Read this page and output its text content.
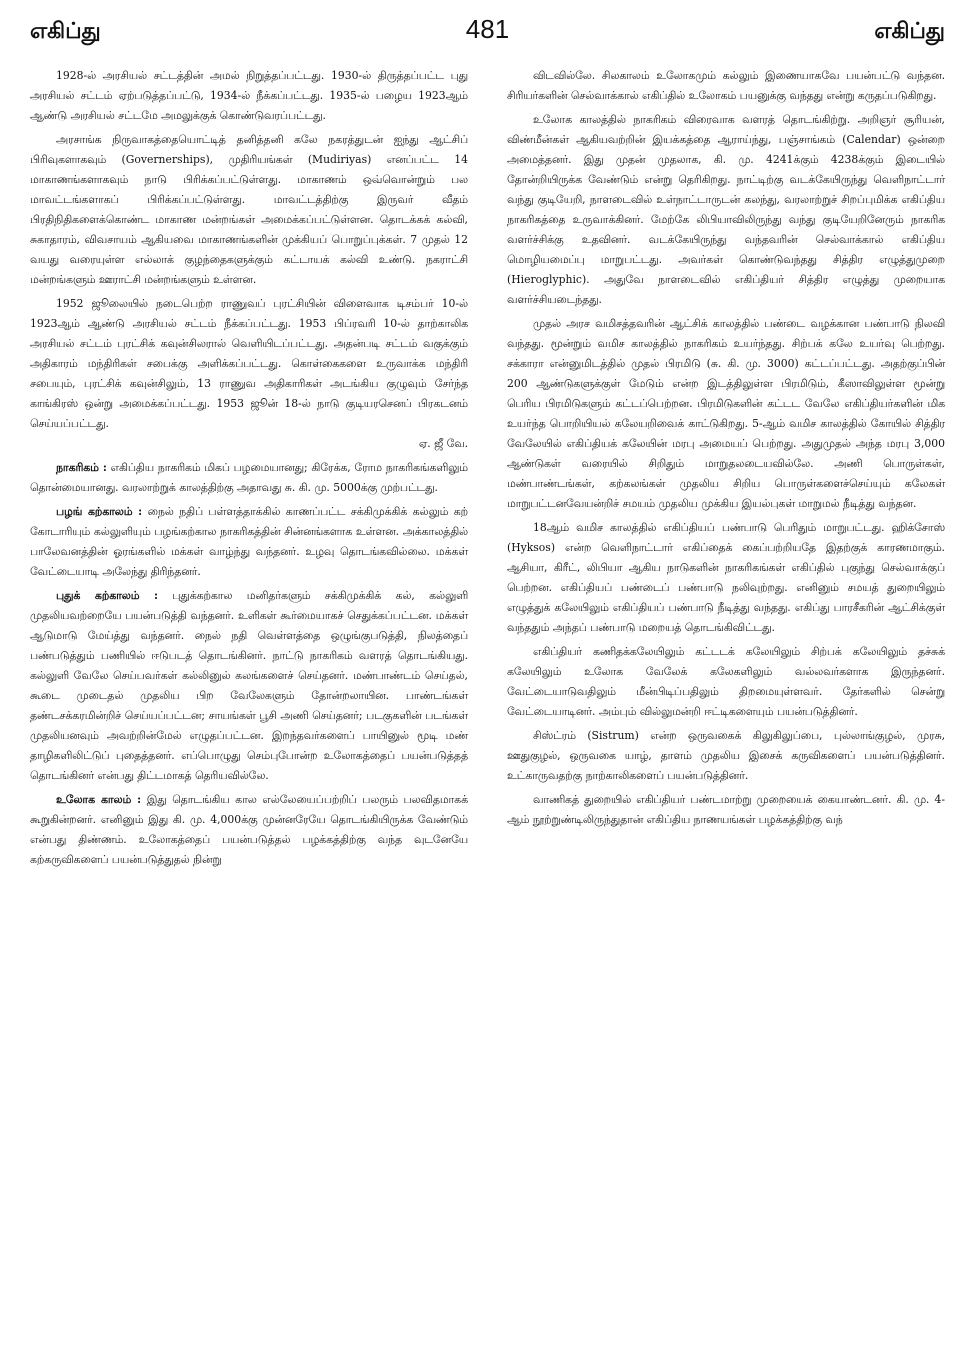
எகிப்து	481	எகிப்து

1928-ல் அரசியல் சட்டத்தின் அமல் நிறுத்தப்பட்டது. 1930-ல் திருத்தப்பட்ட புது அரசியல் சட்டம் ஏற்படுத்தப்பட்டு, 1934-ல் நீக்கப்பட்டது. 1935-ல் பழைய 1923ஆம் ஆண்டு அரசியல் சட்டமே அமலுக்குக் கொண்டுவரப்பட்டது.

அரசாங்க நிருவாகத்தையொட்டித் தனித்தனி கலே நகரத்துடன் ஐந்து ஆட்சிப் பிரிவுகளாகவும் (Governerships), முதிரியங்கள் (Mudiriyas) எனப்பட்ட 14 மாகாணங்களாகவும் நாடு பிரிக்கப்பட்டுள்ளது. மாகாணம் ஒவ்வொன்றும் பல மாவட்டங்களாகப் பிரிக்கப்பட்டுள்ளது. மாவட்டத்திற்கு இருவர் வீதம் பிரதிநிதிகளைக்கொண்ட மாகாண மன்றங்கள் அமைக்கப்பட்டுள்ளன. தொடக்கக் கல்வி, சுகாதாரம், விவசாயம் ஆகியவை மாகாணங்களின் முக்கியப் பொறுப்புக்கள். 7 முதல் 12 வயது வரையுள்ள எல்லாக் குழந்தைகளுக்கும் கட்டாயக் கல்வி உண்டு. நகராட்சி மன்றங்களும் ஊராட்சி மன்றங்களும் உள்ளன.

1952 ஜூலையில் நடைபெற்ற ராணுவப் புரட்சியின் விளைவாக டிசம்பர் 10-ல் 1923ஆம் ஆண்டு அரசியல் சட்டம் நீக்கப்பட்டது. 1953 பிப்ரவரி 10-ல் தாற்காலிக அரசியல் சட்டம் புரட்சிக் கவுன்சிலரால் வெளியிடப்பட்டது. அதன்படி சட்டம் வகுக்கும் அதிகாரம் மந்திரிகள் சபைக்கு அளிக்கப்பட்டது. கொள்கைகளை உருவாக்க மந்திரி சபையும், புரட்சிக் கவுன்சிலும், 13 ராணுவ அதிகாரிகள் அடங்கிய குழுவும் சேர்ந்த காங்கிரஸ் ஒன்று அமைக்கப்பட்டது. 1953 ஜூன் 18-ல் நாடு குடியரசெனப் பிரகடனம் செய்யப்பட்டது.

ஏ. ஜீ வே.

நாகரிகம் : எகிப்திய நாகரிகம் மிகப் பழமையானது; கிரேக்க, ரோம நாகரிகங்களிலும் தொன்மையானது. வரலாற்றுக் காலத்திற்கு அதாவது சு. கி. மு. 5000க்கு முற்பட்டது.

பழங் கற்காலம் : நைல் நதிப் பள்ளத்தாக்கில் காணப்பட்ட சக்கிமுக்கிக் கல்லும் கற் கோடாரியும் கல்லுளியும் பழங்கற்கால நாகரிகத்தின் சின்னங்களாக உள்ளன. அக்காலத்தில் பாலேவனத்தின் ஓரங்களில் மக்கள் வாழ்ந்து வந்தனர். உழவு தொடங்கவில்லை. மக்கள் வேட்டையாடி அலேந்து திரிந்தனர்.

புதுக் கற்காலம் : புதுக்கற்கால மனிதர்களும் சக்கிமுக்கிக் கல், கல்லுளி முதலியவற்றையே பயன்படுத்தி வந்தனர். உளிகள் கூர்மையாகச் செதுக்கப்பட்டன. மக்கள் ஆடுமாடு மேய்த்து வந்தனர். நைல் நதி வெள்ளத்தை ஒழுங்குபடுத்தி, நிலத்தைப் பண்படுத்தும் பணியில் ஈடுபடத் தொடங்கினர். நாட்டு நாகரிகம் வளரத் தொடங்கியது. கல்லுளி வேலே செய்பவர்கள் கல்லினுல் கலங்களைச் செய்தனர். மண்பாண்டம் செய்தல், கூடை முடைதல் முதலிய பிற வேலேகளும் தோன்றலாயின. பாண்டங்கள் தண்டசக்கரமின்றிச் செய்யப்பட்டன; சாயங்கள் பூசி அணி செய்தனர்; படகுகளின் படங்கள் முதலியனவும் அவற்றின்மேல் எழுதப்பட்டன. இறந்தவர்களைப் பாயினுல் மூடி மண் தாழிகளிலிட்டுப் புதைத்தனர். எப்பொழுது செம்புபோன்ற உலோகத்தைப் பயன்படுத்தத் தொடங்கினர் என்பது திட்டமாகத் தெரியவில்லே.

உலோக காலம் : இது தொடங்கிய கால எல்லேயைப்பற்றிப் பலரும் பலவிதமாகக் கூறுகின்றனர். எனினும் இது கி. மு. 4,000க்கு முன்னரேயே தொடங்கியிருக்க வேண்டும் என்பது திண்ணம். உலோகத்தைப் பயன்படுத்தல் பழக்கத்திற்கு வந்த வுடனேயே கற்கருவிகளைப் பயன்படுத்துதல் நின்று

விடவில்லே. சிலகாலம் உலோகமும் கல்லும் இணையாகவே பயன்பட்டு வந்தன. சிரியர்களின் செல்வாக்கால் எகிப்தில் உலோகம் பயனுக்கு வந்தது என்று கருதப்படுகிறது.

உலோக காலத்தில் நாகரிகம் விரைவாக வளரத் தொடங்கிற்று. அறிஞர் சூரியன், விண்மீன்கள் ஆகியவற்றின் இயக்கத்தை ஆராய்ந்து, பஞ்சாங்கம் (Calendar) ஒன்றை அமைத்தனர். இது முதன் முதலாக, கி. மு. 4241க்கும் 4238க்கும் இடையில் தோன்றியிருக்க வேண்டும் என்று தெரிகிறது. நாட்டிற்கு வடக்கேயிருந்து வெளிநாட்டார் வந்து குடியேறி, நாளடைவில் உள்நாட்டாருடன் கலந்து, வரலாற்றுச் சிறப்புமிக்க எகிப்திய நாகரிகத்தை உருவாக்கினர். மேற்கே லிபியாவிலிருந்து வந்து குடியேறினேரும் நாகரிக வளர்ச்சிக்கு உதவினர். வடக்கேயிருந்து வந்தவரின் செல்வாக்கால் எகிப்திய மொழியமைப்பு மாறுபட்டது. அவர்கள் கொண்டுவந்தது சித்திர எழுத்துமுறை (Hieroglyphic). அதுவே நாளடைவில் எகிப்தியர் சித்திர எழுத்து முறையாக வளர்ச்சியடைந்தது.

முதல் அரச வமிசத்தவரின் ஆட்சிக் காலத்தில் பண்டை வழக்கான பண்பாடு நிலவி வந்தது. மூன்றும் வமிச காலத்தில் நாகரிகம் உயர்ந்தது. சிற்பக் கலே உயர்வு பெற்றது. சக்காரா என்னுமிடத்தில் முதல் பிரமிடு (சு. கி. மு. 3000) கட்டப்பட்டது. அதற்குப்பின் 200 ஆண்டுகளுக்குள் மேடும் என்ற இடத்திலுள்ள பிரமிடும், கீஸாவிலுள்ள மூன்று பெரிய பிரமிடுகளும் கட்டப்பெற்றன. பிரமிடுகளின் கட்டட வேலே எகிப்தியர்களின் மிக உயர்ந்த பொறியியல் கலேயறிவைக் காட்டுகிறது. 5-ஆம் வமிச காலத்தில் கோயில் சித்திர வேலேயில் எகிப்தியக் கலேயின் மரபு அமையப் பெற்றது. அதுமுதல் அந்த மரபு 3,000 ஆண்டுகள் வரையில் சிறிதும் மாறுதலடையவில்லே. அணி பொருள்கள், மண்பாண்டங்கள், கற்கலங்கள் முதலிய சிறிய பொருள்களைச்செய்யும் கலேகள் மாறுபட்டனவேயன்றிச் சமயம் முதலிய முக்கிய இயல்புகள் மாறுமல் நீடித்து வந்தன.

18ஆம் வமிச காலத்தில் எகிப்தியப் பண்பாடு பெரிதும் மாறுபட்டது. ஹிக்சோஸ் (Hyksos) என்ற வெளிநாட்டார் எகிப்தைக் கைப்பற்றியதே இதற்குக் காரணமாகும். ஆசியா, கிரீட், லிபியா ஆகிய நாடுகளின் நாகரிகங்கள் எகிப்தில் புகுந்து செல்வாக்குப் பெற்றன. எகிப்தியப் பண்டைப் பண்பாடு நலிவுற்றது. எனினும் சமயத் துறையிலும் எழுத்துக் கலேயிலும் எகிப்தியப் பண்பாடு நீடித்து வந்தது. எகிப்து பாரசீகரின் ஆட்சிக்குள் வந்ததும் அந்தப் பண்பாடு மறையத் தொடங்கிவிட்டது.

எகிப்தியர் கணிதக்கலேயிலும் கட்டடக் கலேயிலும் சிற்பக் கலேயிலும் தச்சுக் கலேயிலும் உலோக வேலேக் கலேகளிலும் வல்லவர்களாக இருந்தனர். வேட்டையாடுவதிலும் மீன்பிடிப்பதிலும் திறமையுள்ளவர். தேர்களில் சென்று வேட்டையாடினர். அம்பும் வில்லுமன்றி ஈட்டிகளையும் பயன்படுத்தினர்.

சிஸ்ட்ரம் (Sistrum) என்ற ஒருவகைக் கிலுகிலுப்பை, புல்லாங்குழல், முரசு, ஊதுகுழல், ஒருவகை யாழ், தாளம் முதலிய இசைக் கருவிகளைப் பயன்படுத்தினர். உட்காருவதற்கு நாற்காலிகளைப் பயன்படுத்தினர்.

வாணிகத் துறையில் எகிப்தியர் பண்டமாற்று முறையைக் கையாண்டனர். கி. மு. 4-ஆம் நூற்றுண்டிலிருந்துதான் எகிப்திய நாணயங்கள் பழக்கத்திற்கு வந்
